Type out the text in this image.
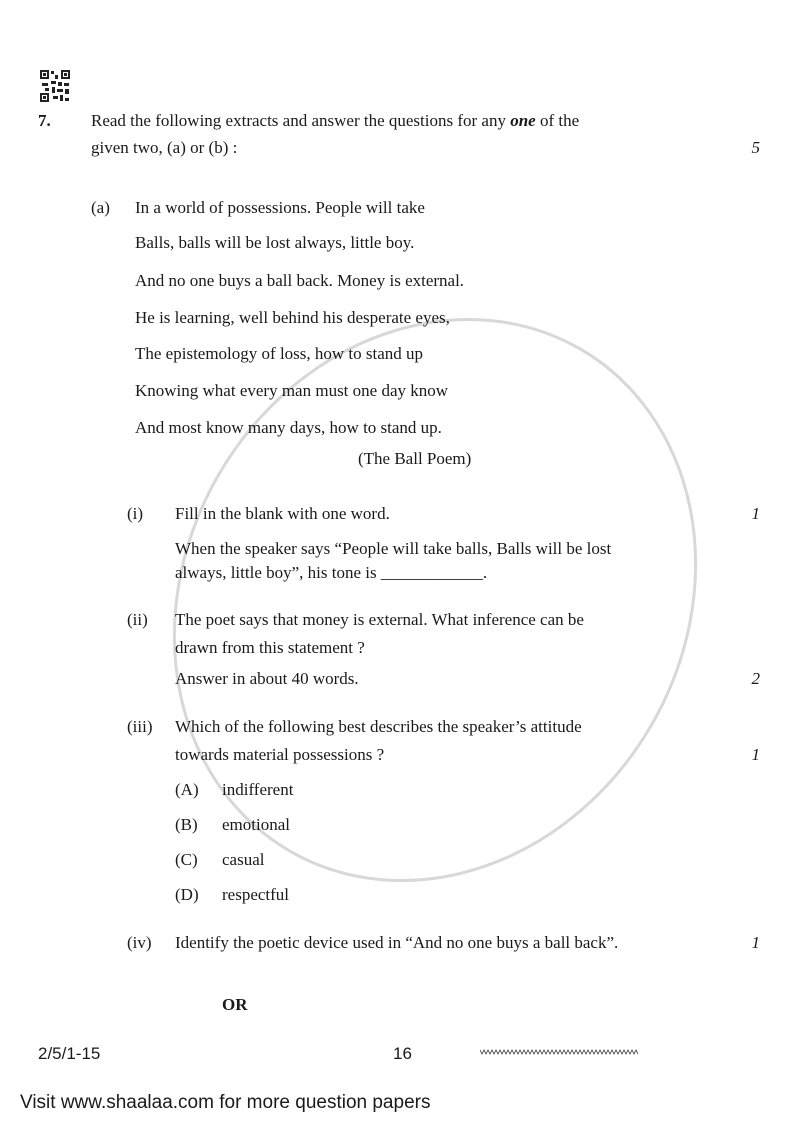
7. Read the following extracts and answer the questions for any one of the
given two, (a) or (b) :	5
(a) In a world of possessions. People will take
Balls, balls will be lost always, little boy.
And no one buys a ball back. Money is external.
He is learning, well behind his desperate eyes,
The epistemology of loss, how to stand up
Knowing what every man must one day know
And most know many days, how to stand up.
(The Ball Poem)
(i) Fill in the blank with one word.
When the speaker says “People will take balls, Balls will be lost
always, little boy”, his tone is ____________.
1
(ii) The poet says that money is external. What inference can be
drawn from this statement ?
Answer in about 40 words.	2
(iii) Which of the following best describes the speaker’s attitude
towards material possessions ?	1
(A) indifferent
(B) emotional
(C) casual
(D) respectful
(iv) Identify the poetic device used in “And no one buys a ball back”.	1
OR
2/5/1-15	16
Visit www.shaalaa.com for more question papers
